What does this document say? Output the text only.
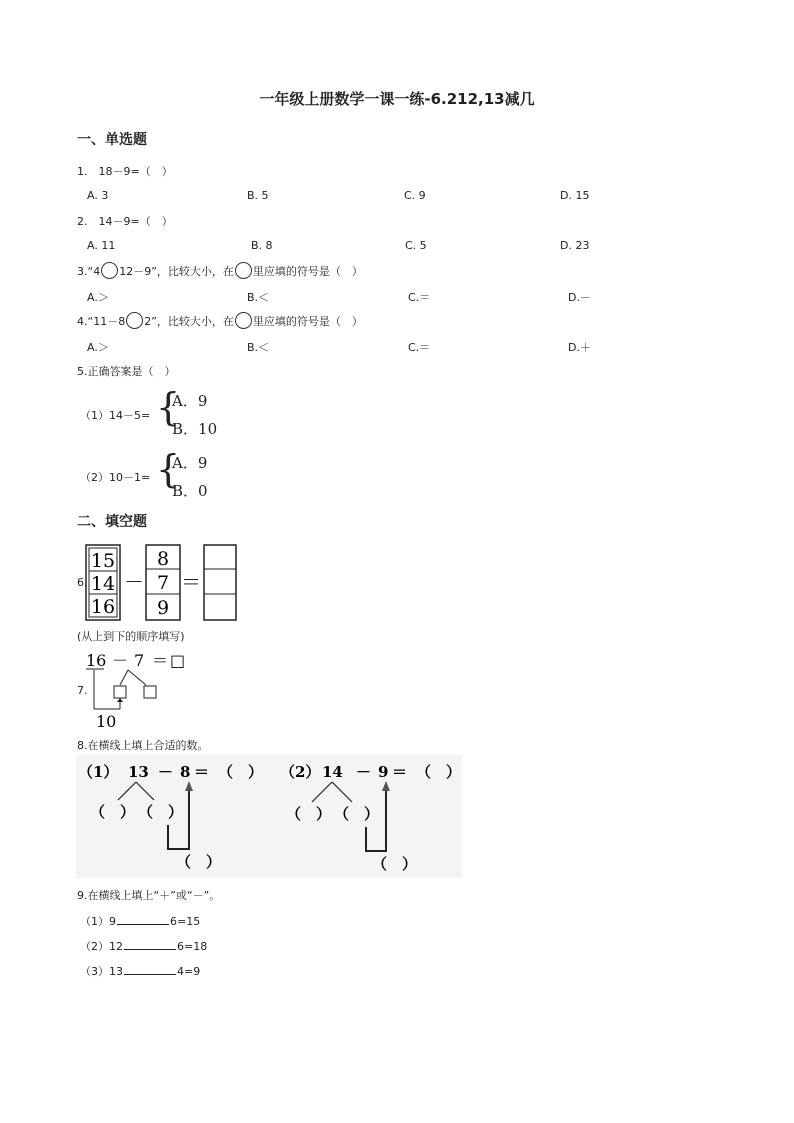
一年级上册数学一课一练-6.212,13减几
一、单选题
1.　18－9=（　）
A. 3	B. 5	C. 9	D. 15
2.　14－9=（　）
A. 11	B. 8	C. 5	D. 23
3.“4 12－9”，比较大小，在 里应填的符号是（　）
A.＞	B.＜	C.＝	D.－
4.“11－8 2”，比较大小，在 里应填的符号是（　）
A.＞	B.＜	C.＝	D.＋
5.正确答案是（　）
（1）14－5= {
A．9
B．10
（2）10－1= {
A．9
B．0
二、填空题
6.
15
14
16
－
8
7
9
＝
(从上到下的顺序填写)
7.
16 － 7 ＝ □
10
8.在横线上填上合适的数。
（1） 13 － 8 ＝ （　）
（　） （　）
（　）
（2） 14 － 9 ＝ （　）
（　） （　）
（　）
9.在横线上填上“＋”或“－”。
（1）9	6=15
（2）12	6=18
（3）13	4=9
